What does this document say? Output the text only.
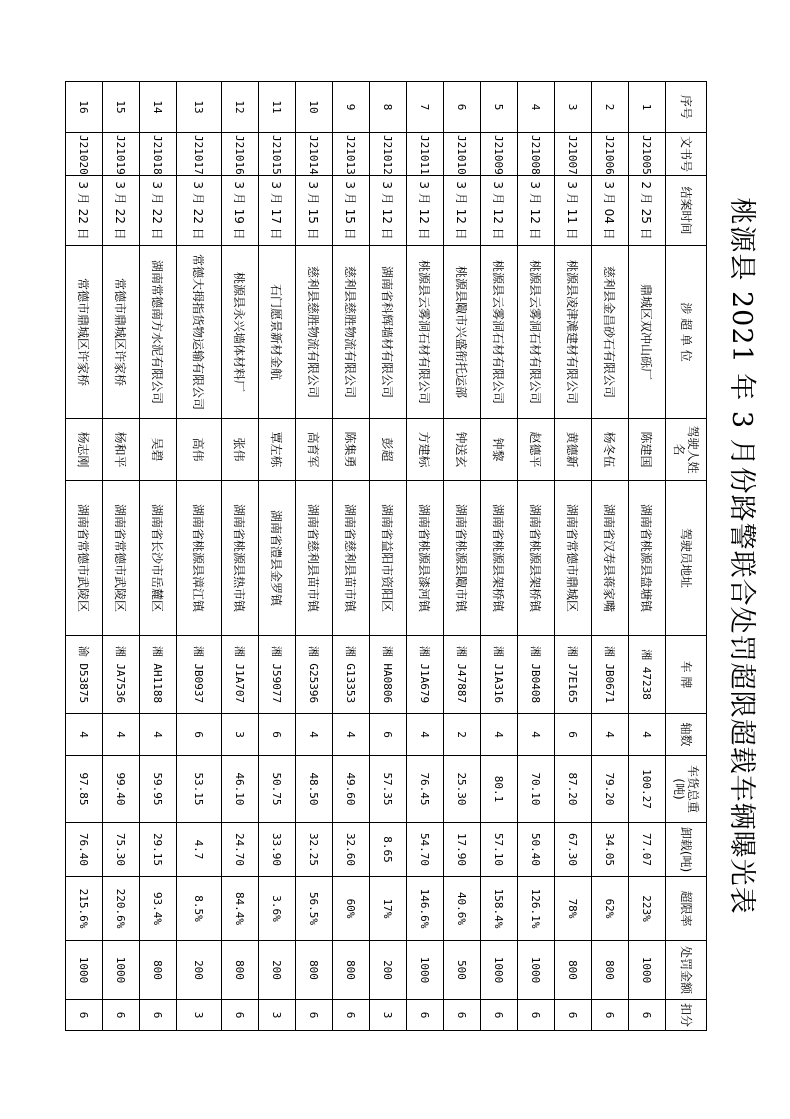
桃源县 2021 年 3 月份路警联合处罚超限超载车辆曝光表
序号	文书号	结案时间	涉 超 单 位	驾驶人姓名	驾驶员地址	车 牌	轴数	车货总重(吨)	卸载(吨)	超限率	处罚金额	扣分
1	J21005	2 月 25 日	鼎城区双冲山砾厂	陈建国	湖南省桃源县盘塘镇	湘 47238	4	100.27	77.07	223%	1000	6
2	J21006	3 月 04 日	慈利县金昌砂石有限公司	杨冬伍	湖南省汉寿县蒋家嘴	湘 JB0671	4	79.20	34.05	62%	800	6
3	J21007	3 月 11 日	桃源县凌津滩建材有限公司	黄德新	湖南省常德市鼎城区	湘 J7E165	6	87.20	67.30	78%	800	6
4	J21008	3 月 12 日	桃源县云雾洞石材有限公司	赵德平	湖南省桃源县架桥镇	湘 JB0408	4	70.10	50.40	126.1%	1000	6
5	J21009	3 月 12 日	桃源县云雾洞石材有限公司	钟黎	湖南省桃源县架桥镇	湘 J1A316	4	80.1	57.10	158.4%	1000	6
6	J21010	3 月 12 日	桃源县陬市兴盛衔托运部	钟送玄	湖南省桃源县陬市镇	湘 J47887	2	25.30	17.90	40.6%	500	6
7	J21011	3 月 12 日	桃源县云雾洞石材有限公司	方建标	湖南省桃源县漆河镇	湘 J1A679	4	76.45	54.70	146.6%	1000	6
8	J21012	3 月 12 日	湖南省科辉墙材有限公司	彭超	湖南省益阳市资阳区	湘 HA0806	6	57.35	8.65	17%	200	3
9	J21013	3 月 15 日	慈利县慈胜物流有限公司	陈集勇	湖南省慈利县苗市镇	湘 G13353	4	49.60	32.60	60%	800	6
10	J21014	3 月 15 日	慈利县慈胜物流有限公司	高育军	湖南省慈利县苗市镇	湘 G25396	4	48.50	32.25	56.5%	800	6
11	J21015	3 月 17 日	石门愿景新材金航	覃左栋	湖南省澧县金罗镇	湘 J59077	6	50.75	33.90	3.6%	200	3
12	J21016	3 月 19 日	桃源县永兴墙体材料厂	张伟	湖南省桃源县热市镇	湘 J1A707	3	46.10	24.70	84.4%	800	6
13	J21017	3 月 22 日	常德大拇指货物运输有限公司	高伟	湖南省桃源县漳江镇	湘 JB0937	6	53.15	4.7	8.5%	200	3
14	J21018	3 月 22 日	湖南常德南方水泥有限公司	吴碧	湖南省长沙市岳麓区	湘 AH1188	4	59.95	29.15	93.4%	800	6
15	J21019	3 月 22 日	常德市鼎城区许家桥	杨和平	湖南省常德市武陵区	湘 JA7536	4	99.40	75.30	220.6%	1000	6
16	J21020	3 月 22 日	常德市鼎城区许家桥	杨志刚	湖南省常德市武陵区	渝 D53875	4	97.85	76.40	215.6%	1000	6
